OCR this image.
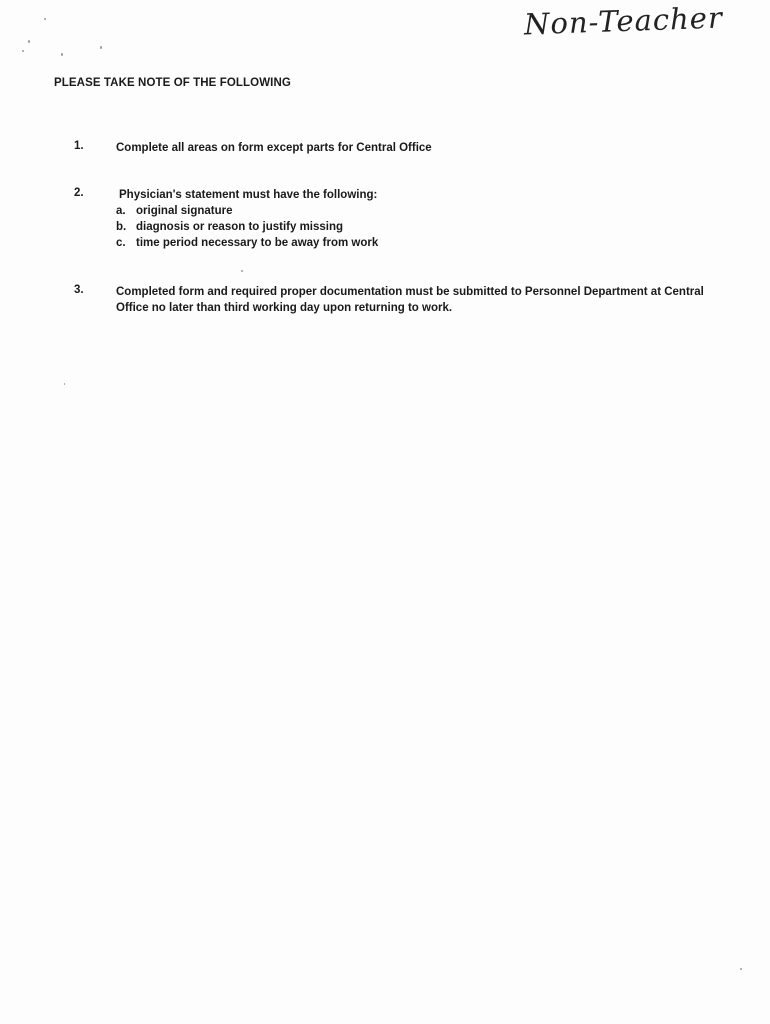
Non-Teacher
PLEASE TAKE NOTE OF THE FOLLOWING
1.	Complete all areas on form except parts for Central Office
2.	Physician's statement must have the following:
a. original signature
b. diagnosis or reason to justify missing
c. time period necessary to be away from work
3.	Completed form and required proper documentation must be submitted to Personnel Department at Central
Office no later than third working day upon returning to work.
